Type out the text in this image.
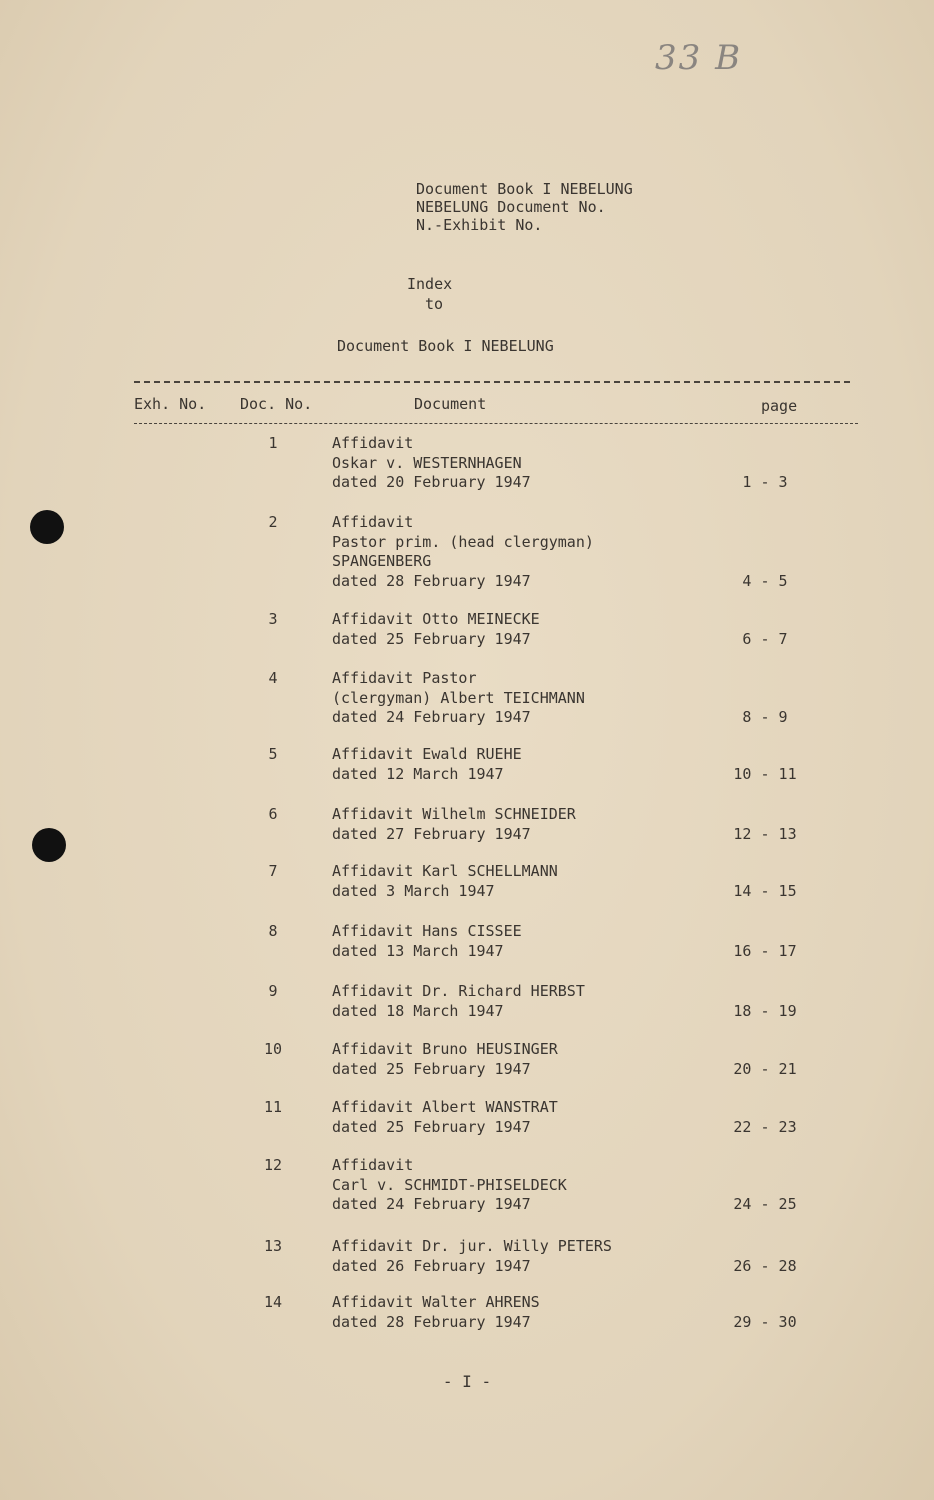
33 B
Document Book I NEBELUNG
NEBELUNG Document No.
N.-Exhibit No.
Index
to
Document Book I NEBELUNG
Exh. No. Doc. No.	Document	page
1	Affidavit
Oskar v. WESTERNHAGEN
dated 20 February 1947	1 - 3
2	Affidavit
Pastor prim. (head clergyman)
SPANGENBERG
dated 28 February 1947	4 - 5
3	Affidavit Otto MEINECKE
dated 25 February 1947	6 - 7
4	Affidavit Pastor
(clergyman) Albert TEICHMANN
dated 24 February 1947	8 - 9
5	Affidavit Ewald RUEHE
dated 12 March 1947	10 - 11
6	Affidavit Wilhelm SCHNEIDER
dated 27 February 1947	12 - 13
7	Affidavit Karl SCHELLMANN
dated 3 March 1947	14 - 15
8	Affidavit Hans CISSEE
dated 13 March 1947	16 - 17
9	Affidavit Dr. Richard HERBST
dated 18 March 1947	18 - 19
10	Affidavit Bruno HEUSINGER
dated 25 February 1947	20 - 21
11	Affidavit Albert WANSTRAT
dated 25 February 1947	22 - 23
12	Affidavit
Carl v. SCHMIDT-PHISELDECK
dated 24 February 1947	24 - 25
13	Affidavit Dr. jur. Willy PETERS
dated 26 February 1947	26 - 28
14	Affidavit Walter AHRENS
dated 28 February 1947	29 - 30
- I -
